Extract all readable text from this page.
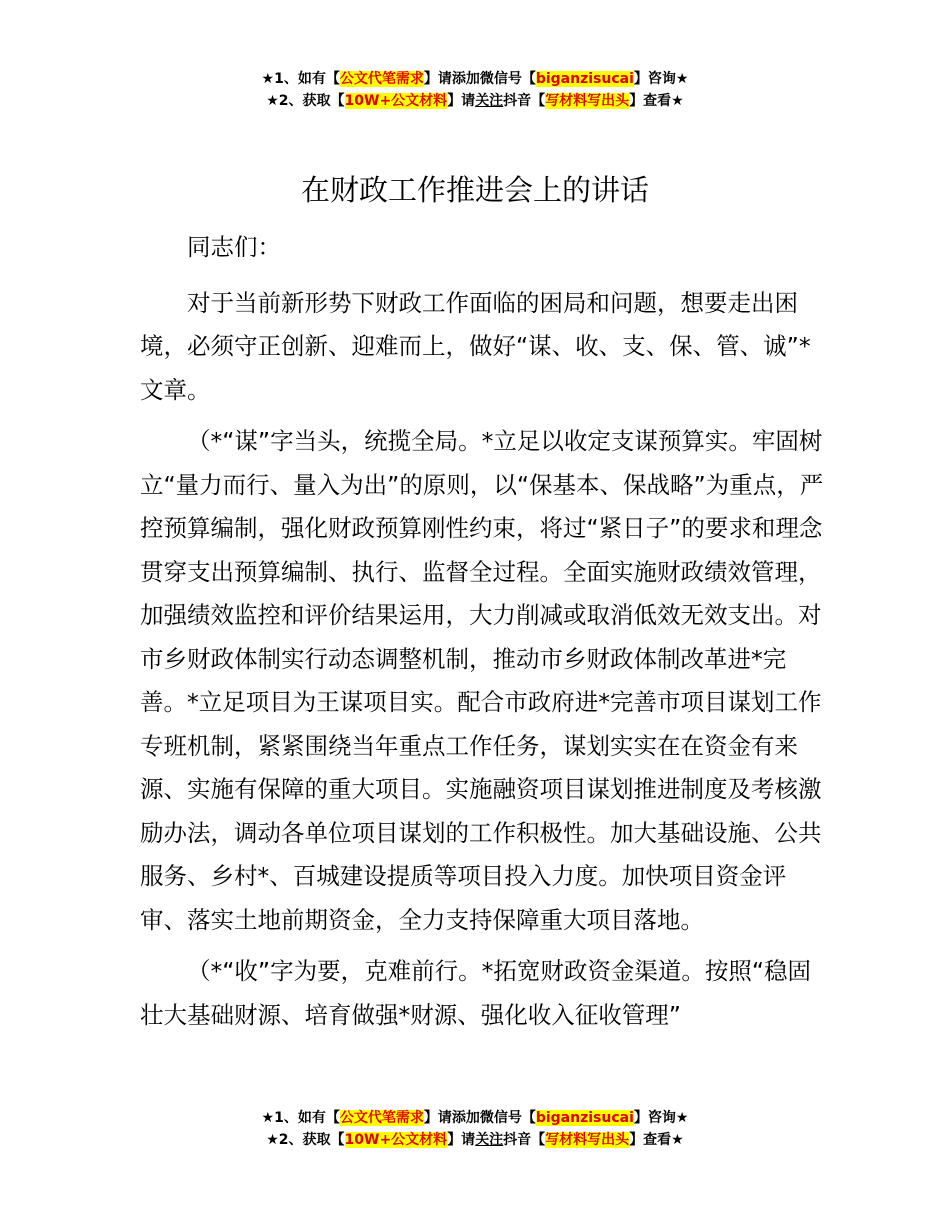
★1、如有【公文代笔需求】请添加微信号【biganzisucai】咨询★
★2、获取【10W+公文材料】请关注抖音【写材料写出头】查看★
在财政工作推进会上的讲话

同志们：

对于当前新形势下财政工作面临的困局和问题，想要走出困境，必须守正创新、迎难而上，做好“谋、收、支、保、管、诚”*文章。

（*“谋”字当头，统揽全局。*立足以收定支谋预算实。牢固树立“量力而行、量入为出”的原则，以“保基本、保战略”为重点，严控预算编制，强化财政预算刚性约束，将过“紧日子”的要求和理念贯穿支出预算编制、执行、监督全过程。全面实施财政绩效管理，加强绩效监控和评价结果运用，大力削减或取消低效无效支出。对市乡财政体制实行动态调整机制，推动市乡财政体制改革进*完善。*立足项目为王谋项目实。配合市政府进*完善市项目谋划工作专班机制，紧紧围绕当年重点工作任务，谋划实实在在资金有来源、实施有保障的重大项目。实施融资项目谋划推进制度及考核激励办法，调动各单位项目谋划的工作积极性。加大基础设施、公共服务、乡村*、百城建设提质等项目投入力度。加快项目资金评审、落实土地前期资金，全力支持保障重大项目落地。

（*“收”字为要，克难前行。*拓宽财政资金渠道。按照“稳固壮大基础财源、培育做强*财源、强化收入征收管理”

★1、如有【公文代笔需求】请添加微信号【biganzisucai】咨询★
★2、获取【10W+公文材料】请关注抖音【写材料写出头】查看★
